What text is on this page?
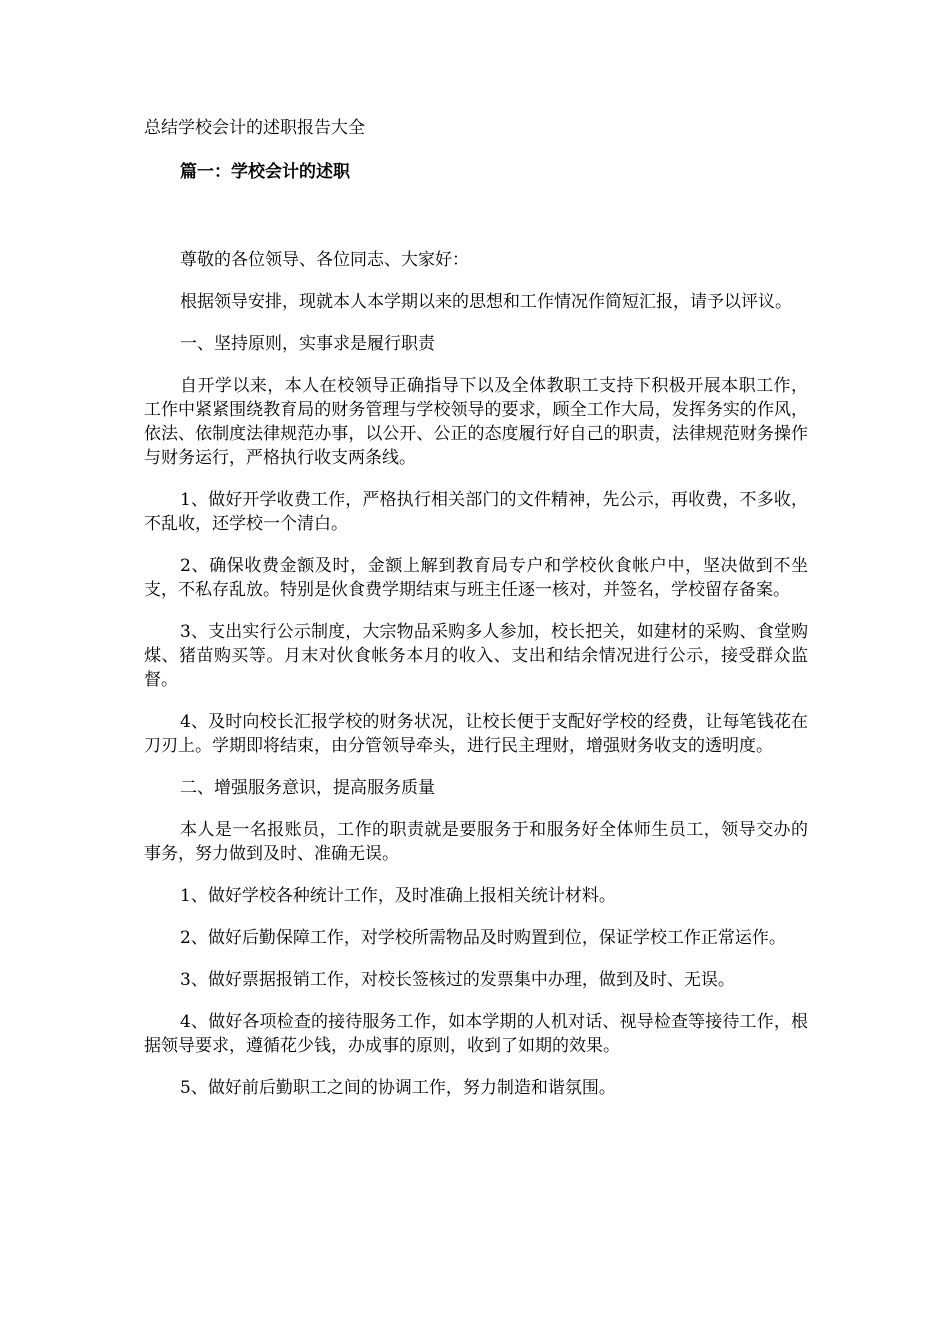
总结学校会计的述职报告大全
篇一：学校会计的述职

尊敬的各位领导、各位同志、大家好：

根据领导安排，现就本人本学期以来的思想和工作情况作简短汇报，请予以评议。

一、坚持原则，实事求是履行职责

自开学以来，本人在校领导正确指导下以及全体教职工支持下积极开展本职工作，工作中紧紧围绕教育局的财务管理与学校领导的要求，顾全工作大局，发挥务实的作风，依法、依制度法律规范办事，以公开、公正的态度履行好自己的职责，法律规范财务操作与财务运行，严格执行收支两条线。

1、做好开学收费工作，严格执行相关部门的文件精神，先公示，再收费，不多收，不乱收，还学校一个清白。

2、确保收费金额及时，金额上解到教育局专户和学校伙食帐户中，坚决做到不坐支，不私存乱放。特别是伙食费学期结束与班主任逐一核对，并签名，学校留存备案。

3、支出实行公示制度，大宗物品采购多人参加，校长把关，如建材的采购、食堂购煤、猪苗购买等。月末对伙食帐务本月的收入、支出和结余情况进行公示，接受群众监督。

4、及时向校长汇报学校的财务状况，让校长便于支配好学校的经费，让每笔钱花在刀刃上。学期即将结束，由分管领导牵头，进行民主理财，增强财务收支的透明度。

二、增强服务意识，提高服务质量

本人是一名报账员，工作的职责就是要服务于和服务好全体师生员工，领导交办的事务，努力做到及时、准确无误。

1、做好学校各种统计工作，及时准确上报相关统计材料。

2、做好后勤保障工作，对学校所需物品及时购置到位，保证学校工作正常运作。

3、做好票据报销工作，对校长签核过的发票集中办理，做到及时、无误。

4、做好各项检查的接待服务工作，如本学期的人机对话、视导检查等接待工作，根据领导要求，遵循花少钱，办成事的原则，收到了如期的效果。

5、做好前后勤职工之间的协调工作，努力制造和谐氛围。
